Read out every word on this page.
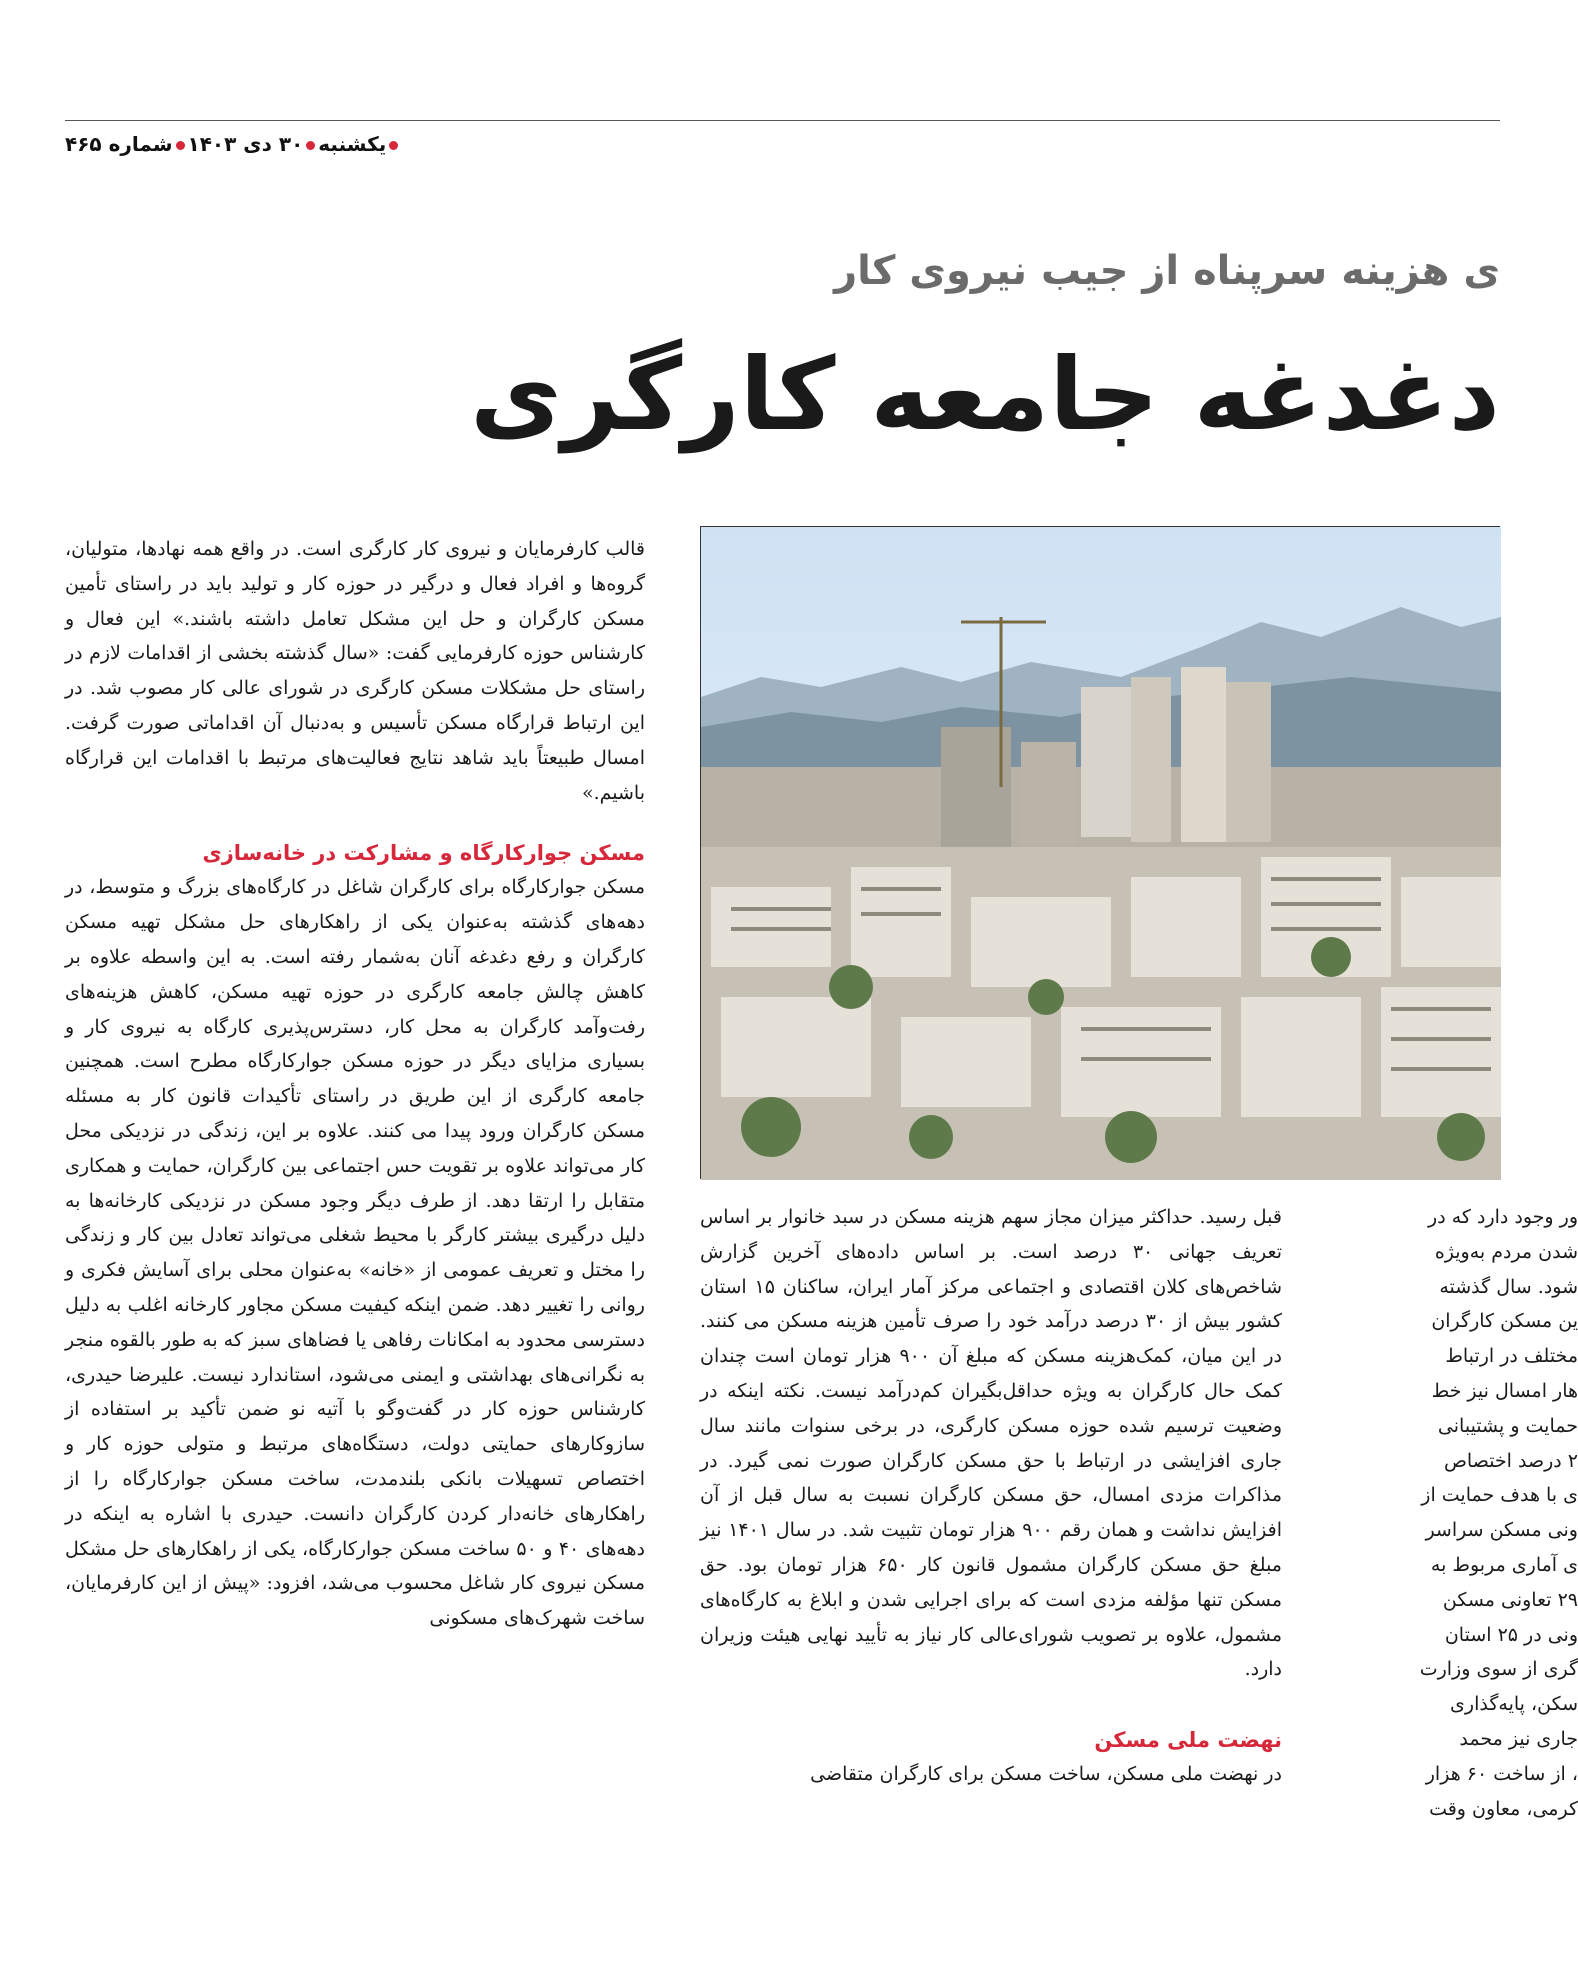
یکشنبه۳۰ دی ۱۴۰۳شماره ۴۶۵
ی هزینه سرپناه از جیب نیروی کار
دغدغه جامعه کارگری

قالب کارفرمایان و نیروی کار کارگری است. در واقع همه نهادها، متولیان، گروه‌ها و افراد فعال و درگیر در حوزه کار و تولید باید در راستای تأمین مسکن کارگران و حل این مشکل تعامل داشته باشند.» این فعال و کارشناس حوزه کارفرمایی گفت: «سال گذشته بخشی از اقدامات لازم در راستای حل مشکلات مسکن کارگری در شورای عالی کار مصوب شد. در این ارتباط قرارگاه مسکن تأسیس و به‌دنبال آن اقداماتی صورت گرفت. امسال طبیعتاً باید شاهد نتایج فعالیت‌های مرتبط با اقدامات این قرارگاه باشیم.»

مسکن جوارکارگاه و مشارکت در خانه‌سازی

مسکن جوارکارگاه برای کارگران شاغل در کارگاه‌های بزرگ و متوسط، در دهه‌های گذشته به‌عنوان یکی از راهکارهای حل مشکل تهیه مسکن کارگران و رفع دغدغه آنان به‌شمار رفته است. به این واسطه علاوه بر کاهش چالش جامعه کارگری در حوزه تهیه مسکن، کاهش هزینه‌های رفت‌وآمد کارگران به محل کار، دسترس‌پذیری کارگاه به نیروی کار و بسیاری مزایای دیگر در حوزه مسکن جوارکارگاه مطرح است. همچنین جامعه کارگری از این طریق در راستای تأکیدات قانون کار به مسئله مسکن کارگران ورود پیدا می کنند. علاوه بر این، زندگی در نزدیکی محل کار می‌تواند علاوه بر تقویت حس اجتماعی بین کارگران، حمایت و همکاری متقابل را ارتقا دهد. از طرف دیگر وجود مسکن در نزدیکی کارخانه‌ها به دلیل درگیری بیشتر کارگر با محیط شغلی می‌تواند تعادل بین کار و زندگی را مختل و تعریف عمومی از «خانه» به‌عنوان محلی برای آسایش فکری و روانی را تغییر دهد. ضمن اینکه کیفیت مسکن مجاور کارخانه اغلب به دلیل دسترسی محدود به امکانات رفاهی یا فضاهای سبز که به طور بالقوه منجر به نگرانی‌های بهداشتی و ایمنی می‌شود، استاندارد نیست. علیرضا حیدری، کارشناس حوزه کار در گفت‌وگو با آتیه نو ضمن تأکید بر استفاده از سازوکارهای حمایتی دولت، دستگاه‌های مرتبط و متولی حوزه کار و اختصاص تسهیلات بانکی بلندمدت، ساخت مسکن جوارکارگاه را از راهکارهای خانه‌دار کردن کارگران دانست. حیدری با اشاره به اینکه در دهه‌های ۴۰ و ۵۰ ساخت مسکن جوارکارگاه، یکی از راهکارهای حل مشکل مسکن نیروی کار شاغل محسوب می‌شد، افزود: «پیش از این کارفرمایان، ساخت شهرک‌های مسکونی

قبل رسید. حداکثر میزان مجاز سهم هزینه مسکن در سبد خانوار بر اساس تعریف جهانی ۳۰ درصد است. بر اساس داده‌های آخرین گزارش شاخص‌های کلان اقتصادی و اجتماعی مرکز آمار ایران، ساکنان ۱۵ استان کشور بیش از ۳۰ درصد درآمد خود را صرف تأمین هزینه مسکن می کنند. در این میان، کمک‌هزینه مسکن که مبلغ آن ۹۰۰ هزار تومان است چندان کمک حال کارگران به ویژه حداقل‌بگیران کم‌درآمد نیست. نکته اینکه در وضعیت ترسیم شده حوزه مسکن کارگری، در برخی سنوات مانند سال جاری افزایشی در ارتباط با حق مسکن کارگران صورت نمی گیرد. در مذاکرات مزدی امسال، حق مسکن کارگران نسبت به سال قبل از آن افزایش نداشت و همان رقم ۹۰۰ هزار تومان تثبیت شد. در سال ۱۴۰۱ نیز مبلغ حق مسکن کارگران مشمول قانون کار ۶۵۰ هزار تومان بود. حق مسکن تنها مؤلفه مزدی است که برای اجرایی شدن و ابلاغ به کارگاه‌های مشمول، علاوه بر تصویب شورای‌عالی کار نیاز به تأیید نهایی هیئت وزیران دارد.

نهضت ملی مسکن

در نهضت ملی مسکن، ساخت مسکن برای کارگران متقاضی

ور وجود دارد که در
شدن مردم به‌ویژه
شود. سال گذشته
ین مسکن کارگران
مختلف در ارتباط
هار امسال نیز خط
حمایت و پشتیبانی
۲ درصد اختصاص
ی با هدف حمایت از
ونی مسکن سراسر
ی آماری مربوط به
۲۹ تعاونی مسکن
ونی در ۲۵ استان
گری از سوی وزارت
سکن، پایه‌گذاری
جاری نیز محمد
، از ساخت ۶۰ هزار
کرمی، معاون وقت
